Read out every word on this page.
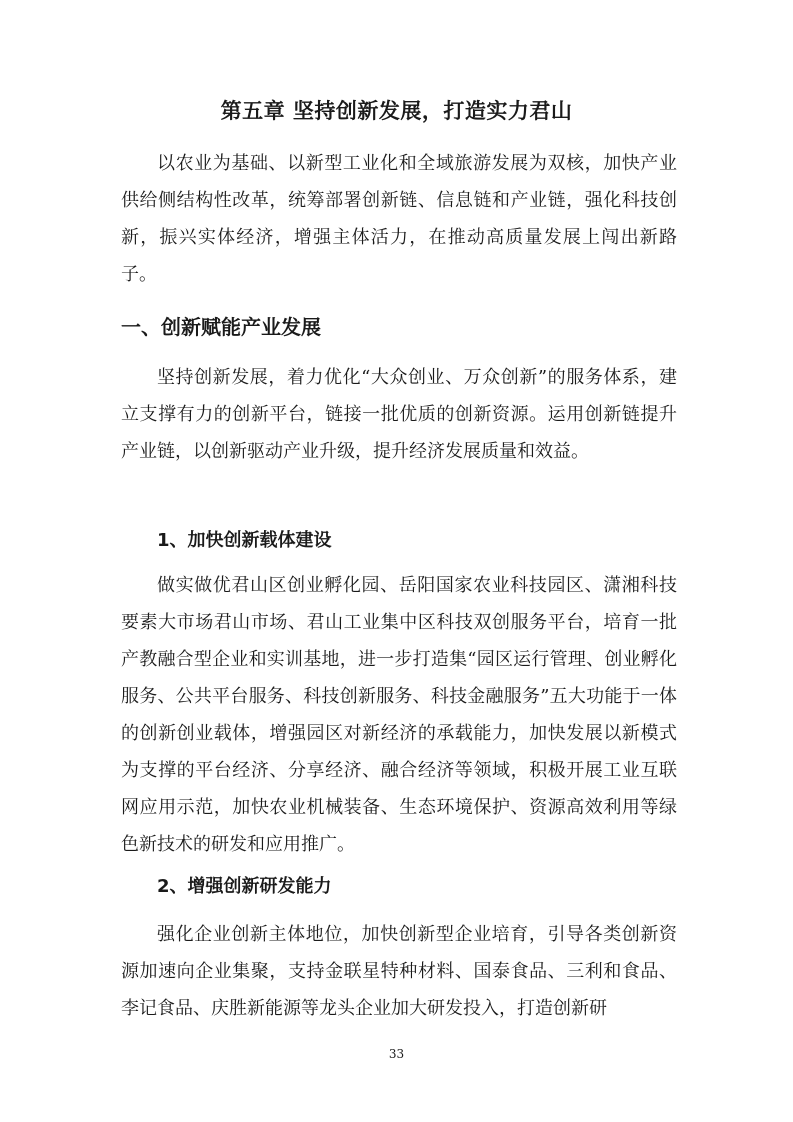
第五章 坚持创新发展，打造实力君山

以农业为基础、以新型工业化和全域旅游发展为双核，加快产业供给侧结构性改革，统筹部署创新链、信息链和产业链，强化科技创新，振兴实体经济，增强主体活力，在推动高质量发展上闯出新路子。

一、创新赋能产业发展

坚持创新发展，着力优化“大众创业、万众创新”的服务体系，建立支撑有力的创新平台，链接一批优质的创新资源。运用创新链提升产业链，以创新驱动产业升级，提升经济发展质量和效益。

1、加快创新载体建设

做实做优君山区创业孵化园、岳阳国家农业科技园区、潇湘科技要素大市场君山市场、君山工业集中区科技双创服务平台，培育一批产教融合型企业和实训基地，进一步打造集“园区运行管理、创业孵化服务、公共平台服务、科技创新服务、科技金融服务”五大功能于一体的创新创业载体，增强园区对新经济的承载能力，加快发展以新模式为支撑的平台经济、分享经济、融合经济等领域，积极开展工业互联网应用示范，加快农业机械装备、生态环境保护、资源高效利用等绿色新技术的研发和应用推广。

2、增强创新研发能力

强化企业创新主体地位，加快创新型企业培育，引导各类创新资源加速向企业集聚，支持金联星特种材料、国泰食品、三利和食品、李记食品、庆胜新能源等龙头企业加大研发投入，打造创新研

33
